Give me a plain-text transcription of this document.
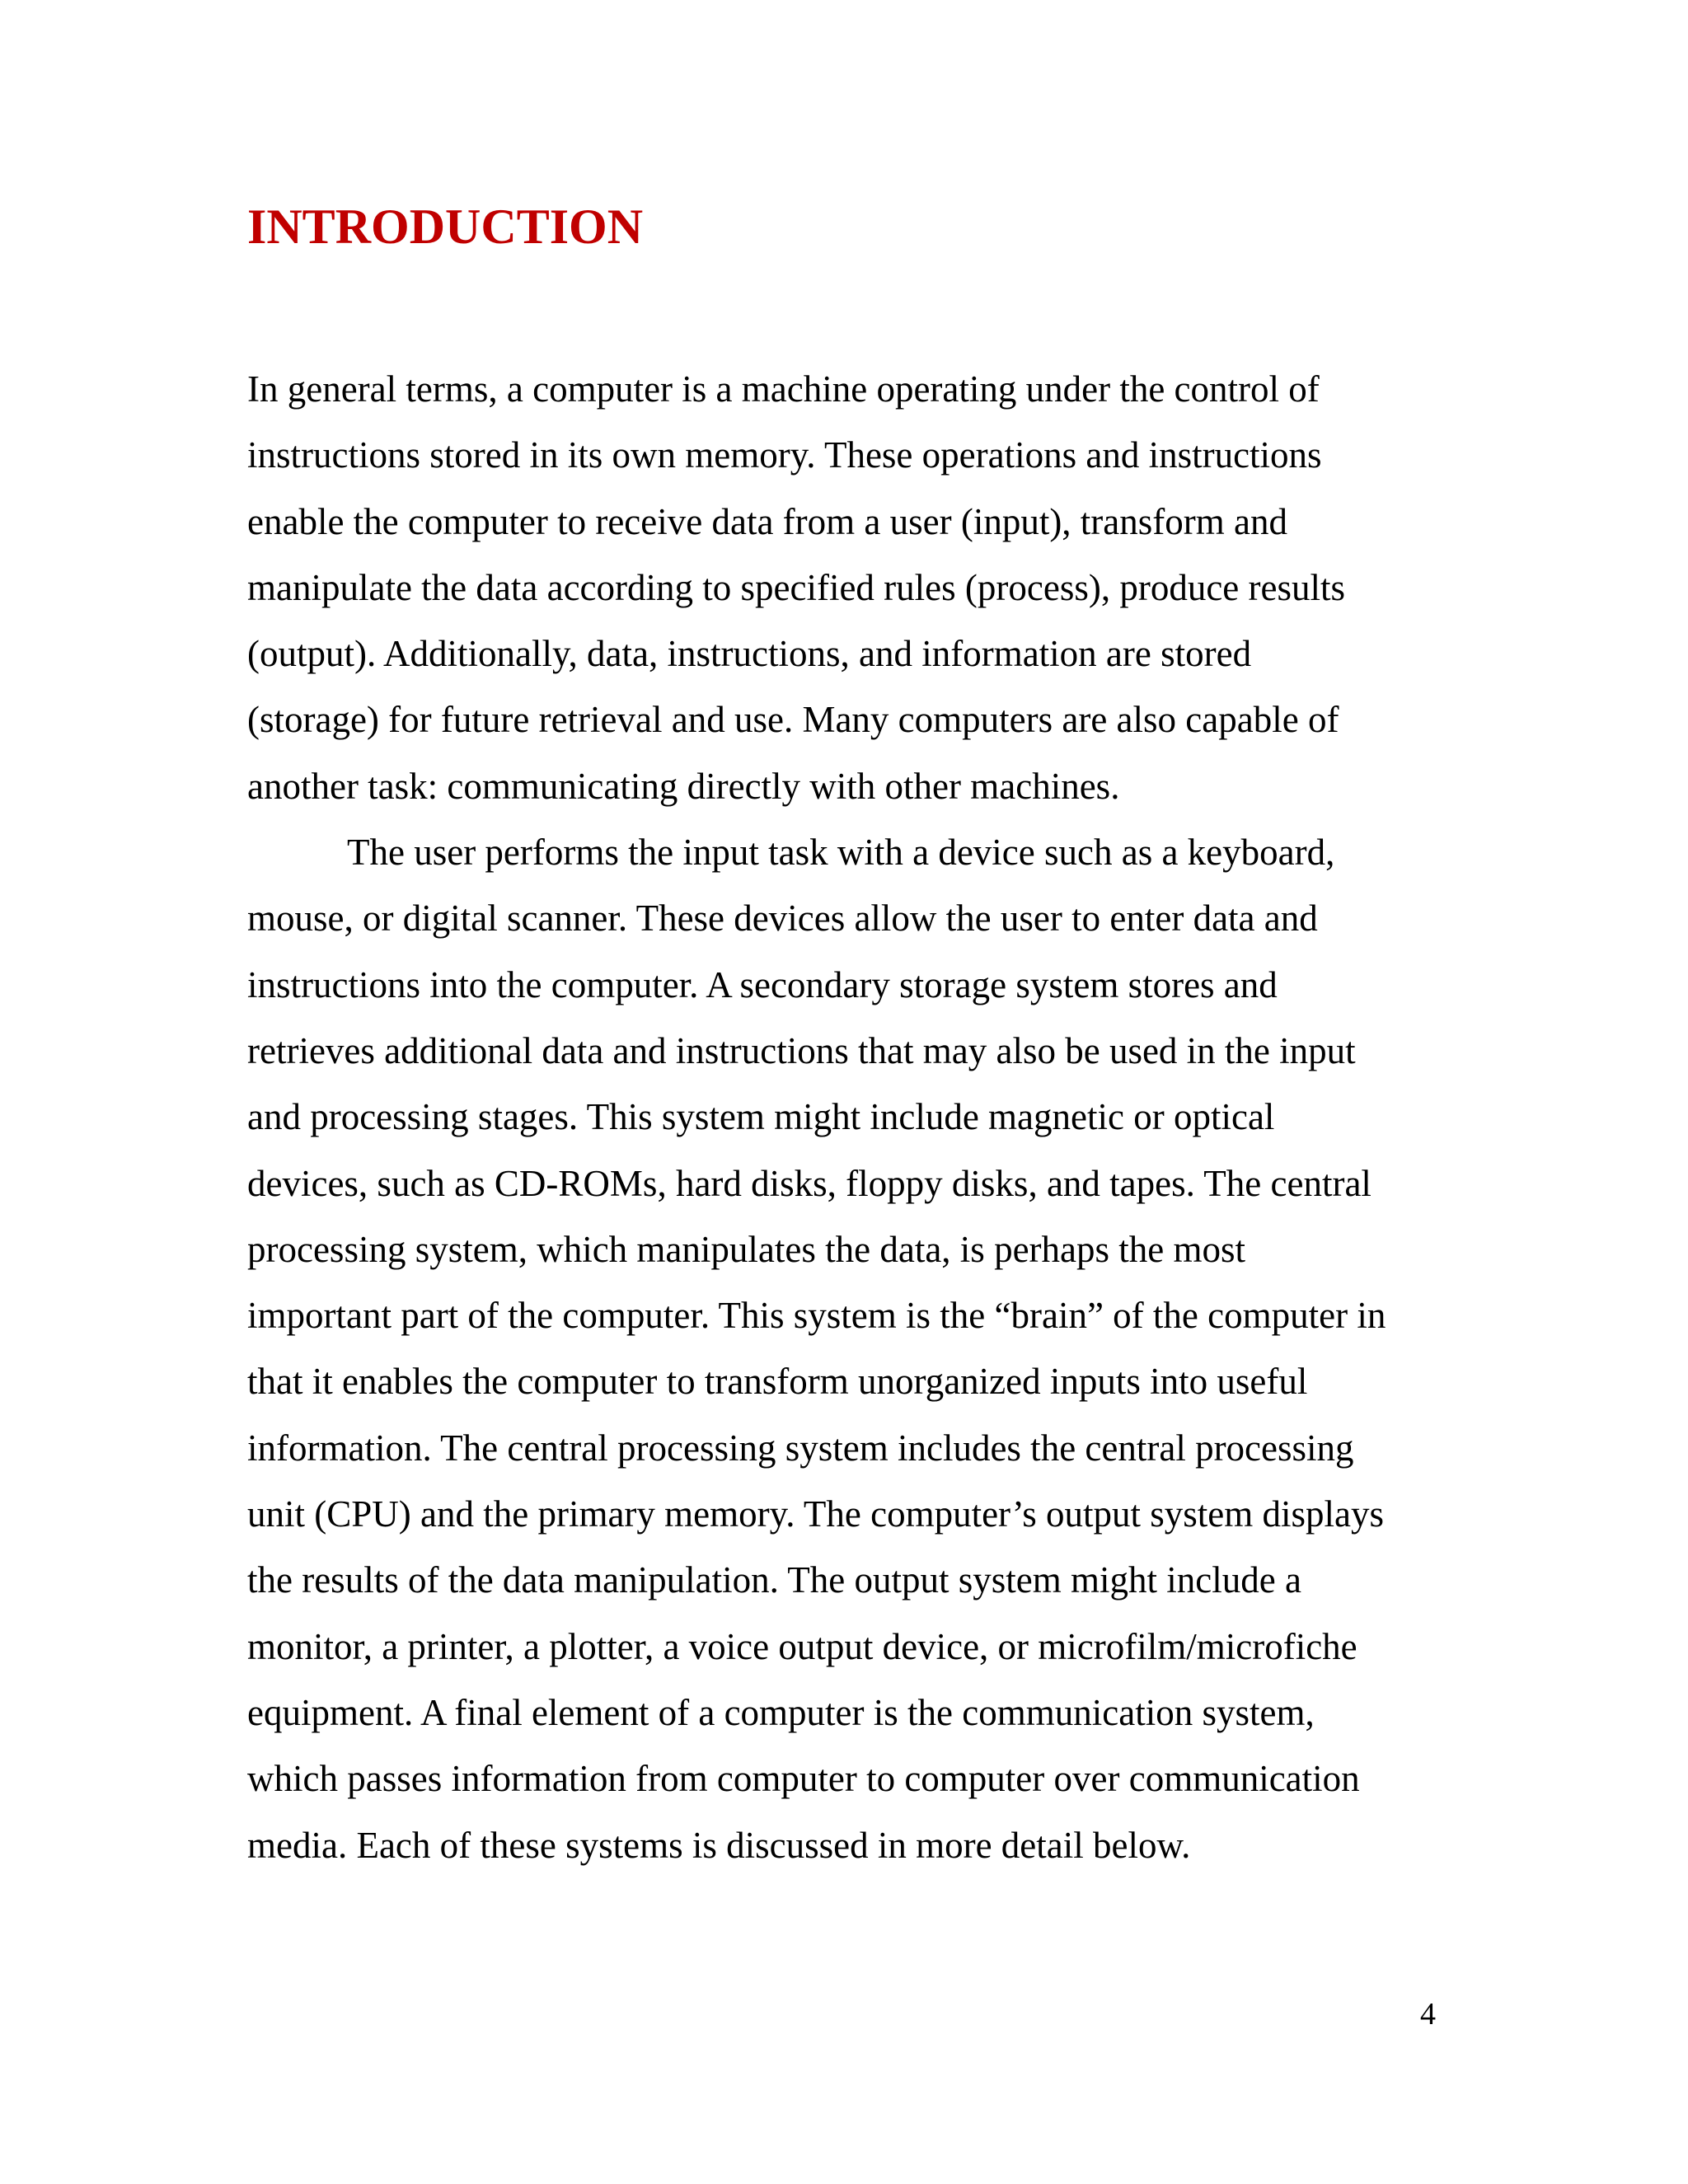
INTRODUCTION
In general terms, a computer is a machine operating under the control of
instructions stored in its own memory. These operations and instructions
enable the computer to receive data from a user (input), transform and
manipulate the data according to specified rules (process), produce results
(output). Additionally, data, instructions, and information are stored
(storage) for future retrieval and use. Many computers are also capable of
another task: communicating directly with other machines.
The user performs the input task with a device such as a keyboard,
mouse, or digital scanner. These devices allow the user to enter data and
instructions into the computer. A secondary storage system stores and
retrieves additional data and instructions that may also be used in the input
and processing stages. This system might include magnetic or optical
devices, such as CD-ROMs, hard disks, floppy disks, and tapes. The central
processing system, which manipulates the data, is perhaps the most
important part of the computer. This system is the “brain” of the computer in
that it enables the computer to transform unorganized inputs into useful
information. The central processing system includes the central processing
unit (CPU) and the primary memory. The computer’s output system displays
the results of the data manipulation. The output system might include a
monitor, a printer, a plotter, a voice output device, or microfilm/microfiche
equipment. A final element of a computer is the communication system,
which passes information from computer to computer over communication
media. Each of these systems is discussed in more detail below.
4
